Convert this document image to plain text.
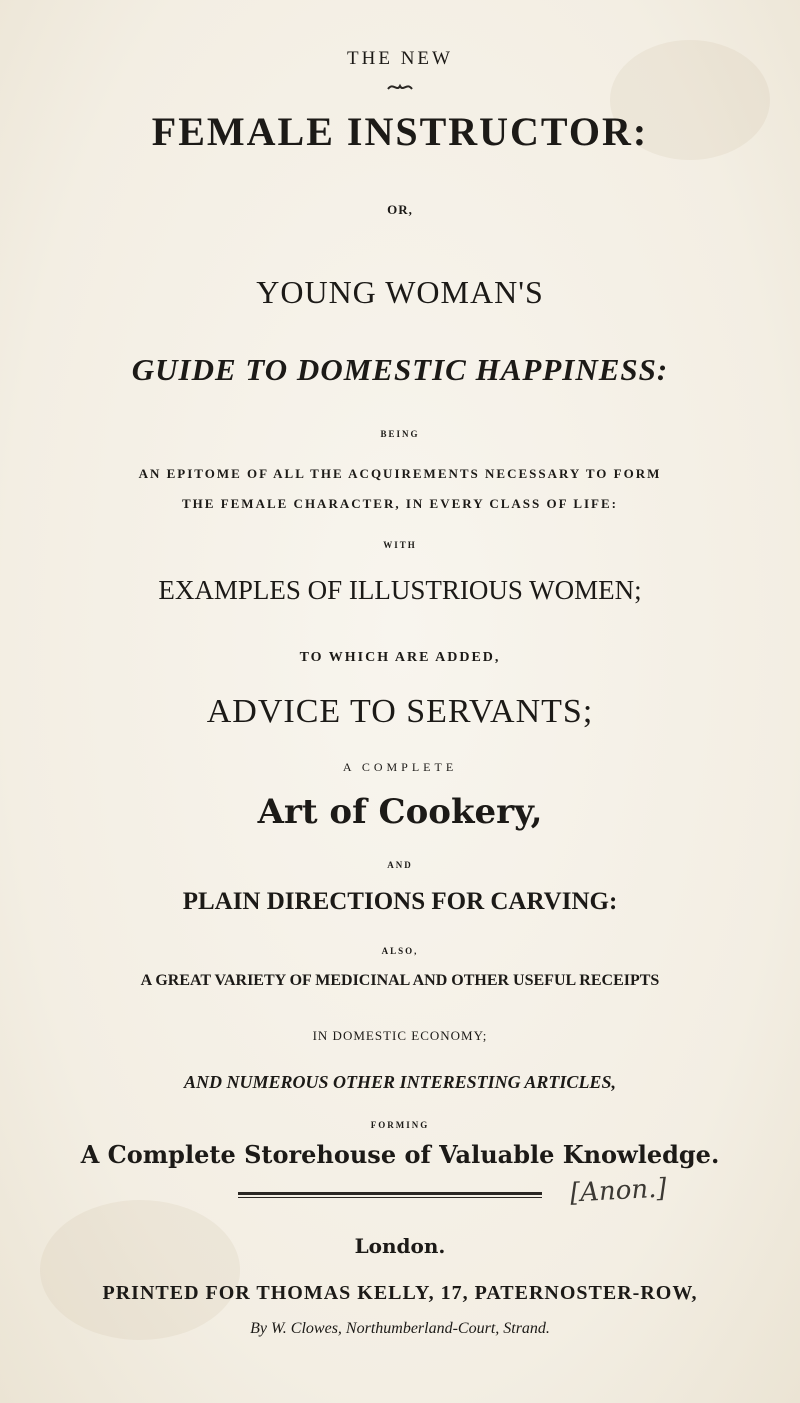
THE NEW
FEMALE INSTRUCTOR:
OR,
YOUNG WOMAN'S
GUIDE TO DOMESTIC HAPPINESS:
BEING
AN EPITOME OF ALL THE ACQUIREMENTS NECESSARY TO FORM
THE FEMALE CHARACTER, IN EVERY CLASS OF LIFE:
WITH
EXAMPLES OF ILLUSTRIOUS WOMEN;
TO WHICH ARE ADDED,
ADVICE TO SERVANTS;
A COMPLETE
Art of Cookery,
AND
PLAIN DIRECTIONS FOR CARVING:
ALSO,
A GREAT VARIETY OF MEDICINAL AND OTHER USEFUL RECEIPTS
IN DOMESTIC ECONOMY;
AND NUMEROUS OTHER INTERESTING ARTICLES,
FORMING
A Complete Storehouse of Valuable Knowledge.
[Anon.]
London.
PRINTED FOR THOMAS KELLY, 17, PATERNOSTER-ROW,
By W. Clowes, Northumberland-Court, Strand.
